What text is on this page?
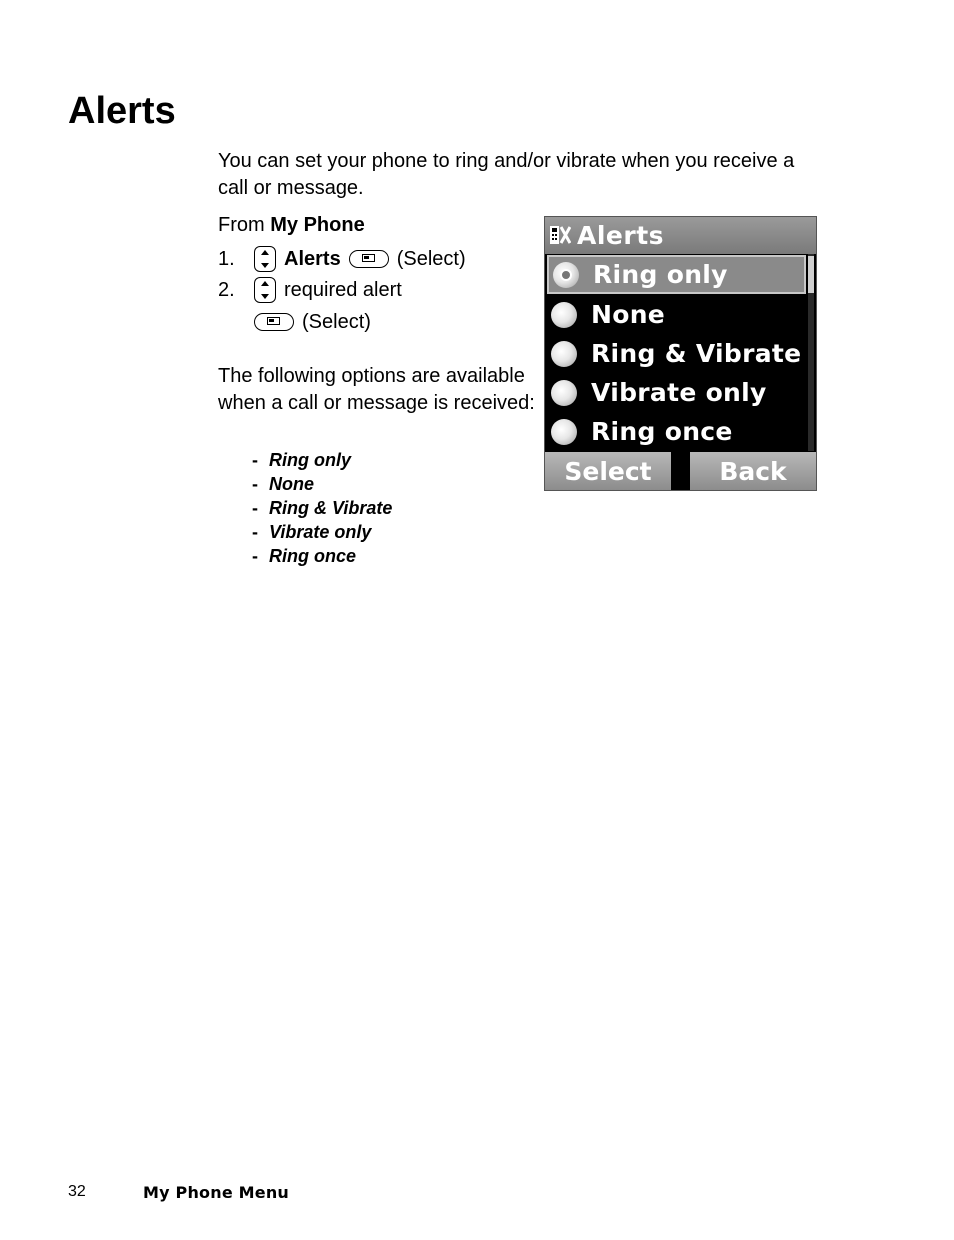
Alerts

You can set your phone to ring and/or vibrate when you receive a call or message.

From My Phone
1.	Alerts	(Select)
2.	required alert
(Select)

The following options are available when a call or message is received:

- Ring only
- None
- Ring & Vibrate
- Vibrate only
- Ring once
Alerts
Ring only
None
Ring & Vibrate
Vibrate only
Ring once
Select	Back
32	My Phone Menu
